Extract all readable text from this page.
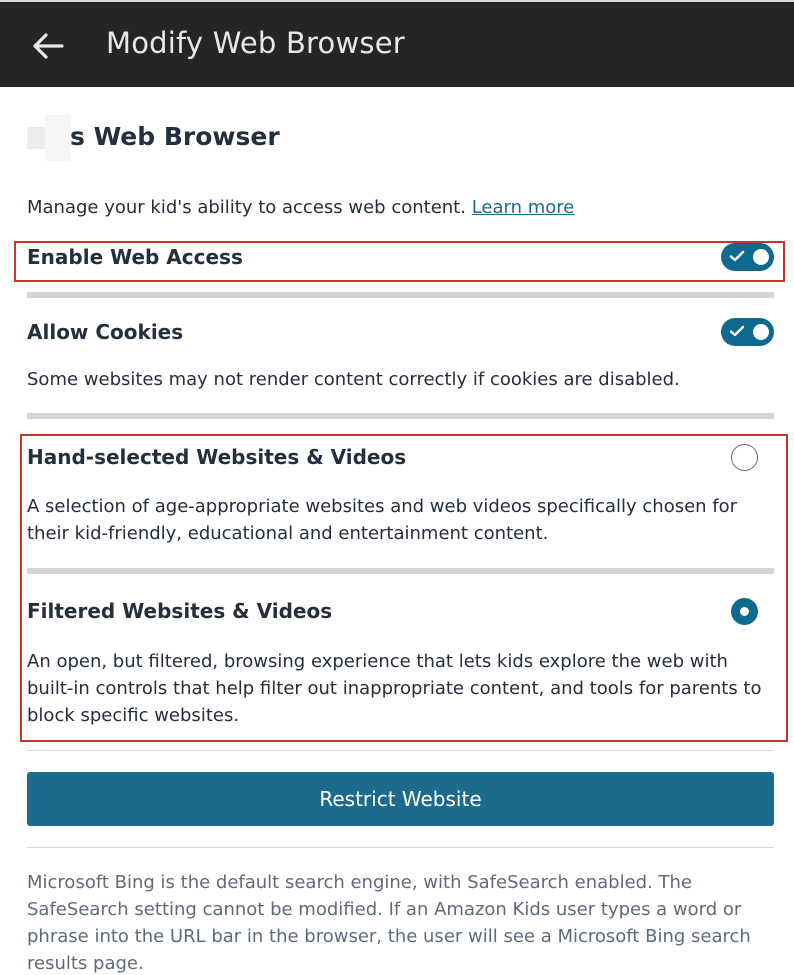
Modify Web Browser
s Web Browser
Manage your kid's ability to access web content. Learn more
Enable Web Access
Allow Cookies
Some websites may not render content correctly if cookies are disabled.
Hand-selected Websites & Videos
A selection of age-appropriate websites and web videos specifically chosen for their kid-friendly, educational and entertainment content.
Filtered Websites & Videos
An open, but filtered, browsing experience that lets kids explore the web with built-in controls that help filter out inappropriate content, and tools for parents to block specific websites.
Restrict Website
Microsoft Bing is the default search engine, with SafeSearch enabled. The SafeSearch setting cannot be modified. If an Amazon Kids user types a word or phrase into the URL bar in the browser, the user will see a Microsoft Bing search results page.
